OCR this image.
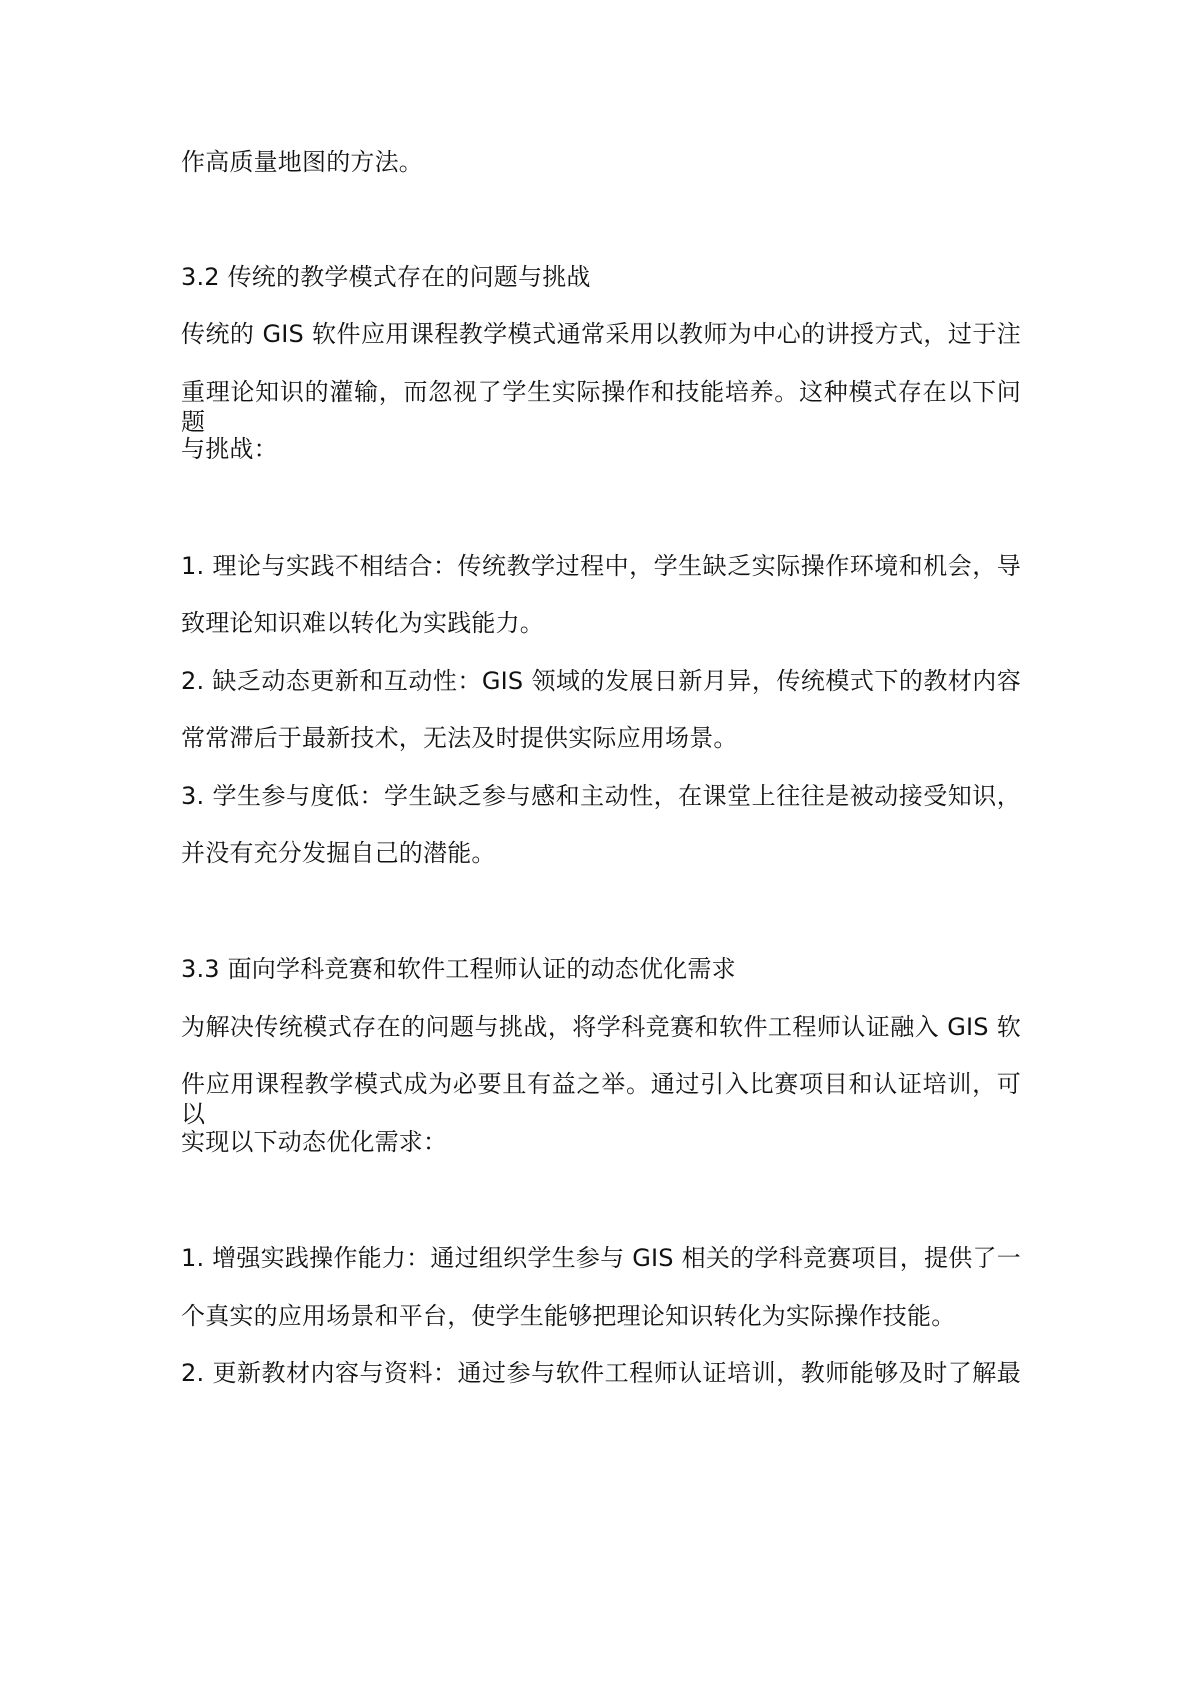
作高质量地图的方法。
3.2 传统的教学模式存在的问题与挑战
传统的 GIS 软件应用课程教学模式通常采用以教师为中心的讲授方式，过于注
重理论知识的灌输，而忽视了学生实际操作和技能培养。这种模式存在以下问题
与挑战：
1. 理论与实践不相结合：传统教学过程中，学生缺乏实际操作环境和机会，导
致理论知识难以转化为实践能力。
2. 缺乏动态更新和互动性：GIS 领域的发展日新月异，传统模式下的教材内容
常常滞后于最新技术，无法及时提供实际应用场景。
3. 学生参与度低：学生缺乏参与感和主动性，在课堂上往往是被动接受知识，
并没有充分发掘自己的潜能。
3.3 面向学科竞赛和软件工程师认证的动态优化需求
为解决传统模式存在的问题与挑战，将学科竞赛和软件工程师认证融入 GIS 软
件应用课程教学模式成为必要且有益之举。通过引入比赛项目和认证培训，可以
实现以下动态优化需求：
1. 增强实践操作能力：通过组织学生参与 GIS 相关的学科竞赛项目，提供了一
个真实的应用场景和平台，使学生能够把理论知识转化为实际操作技能。
2. 更新教材内容与资料：通过参与软件工程师认证培训，教师能够及时了解最
